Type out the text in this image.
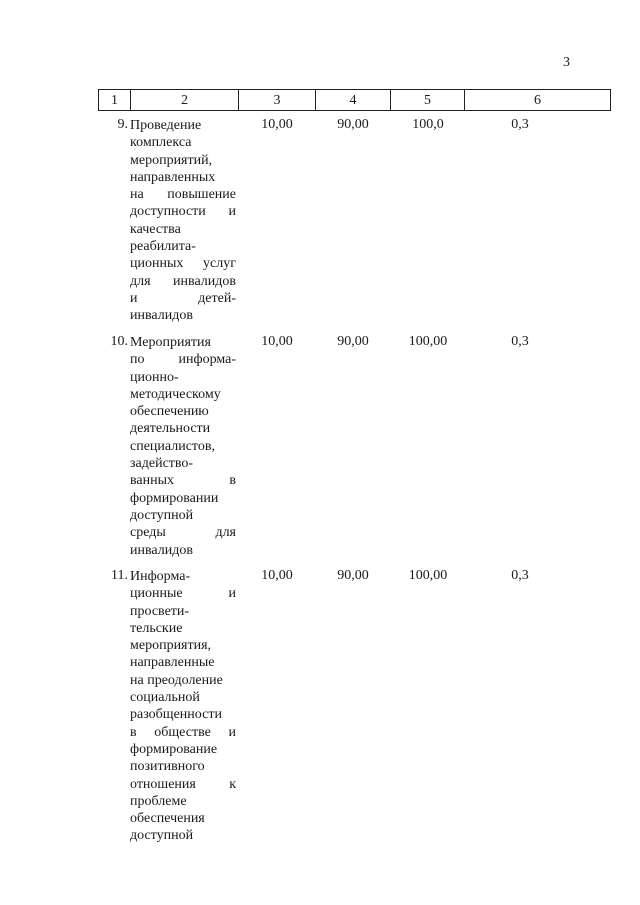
3
1	2	3	4	5	6
9. Проведение
комплекса
мероприятий,
направленных
на повышение
доступности и
качества
реабилита-
ционных услуг
для инвалидов
и детей-
инвалидов
10,00	90,00	100,0	0,3
10. Мероприятия
по информа-
ционно-
методическому
обеспечению
деятельности
специалистов,
задейство-
ванных в
формировании
доступной
среды для
инвалидов
10,00	90,00	100,00	0,3
11. Информа-
ционные и
просвети-
тельские
мероприятия,
направленные
на преодоление
социальной
разобщенности
в обществе и
формирование
позитивного
отношения к
проблеме
обеспечения
доступной
10,00	90,00	100,00	0,3
